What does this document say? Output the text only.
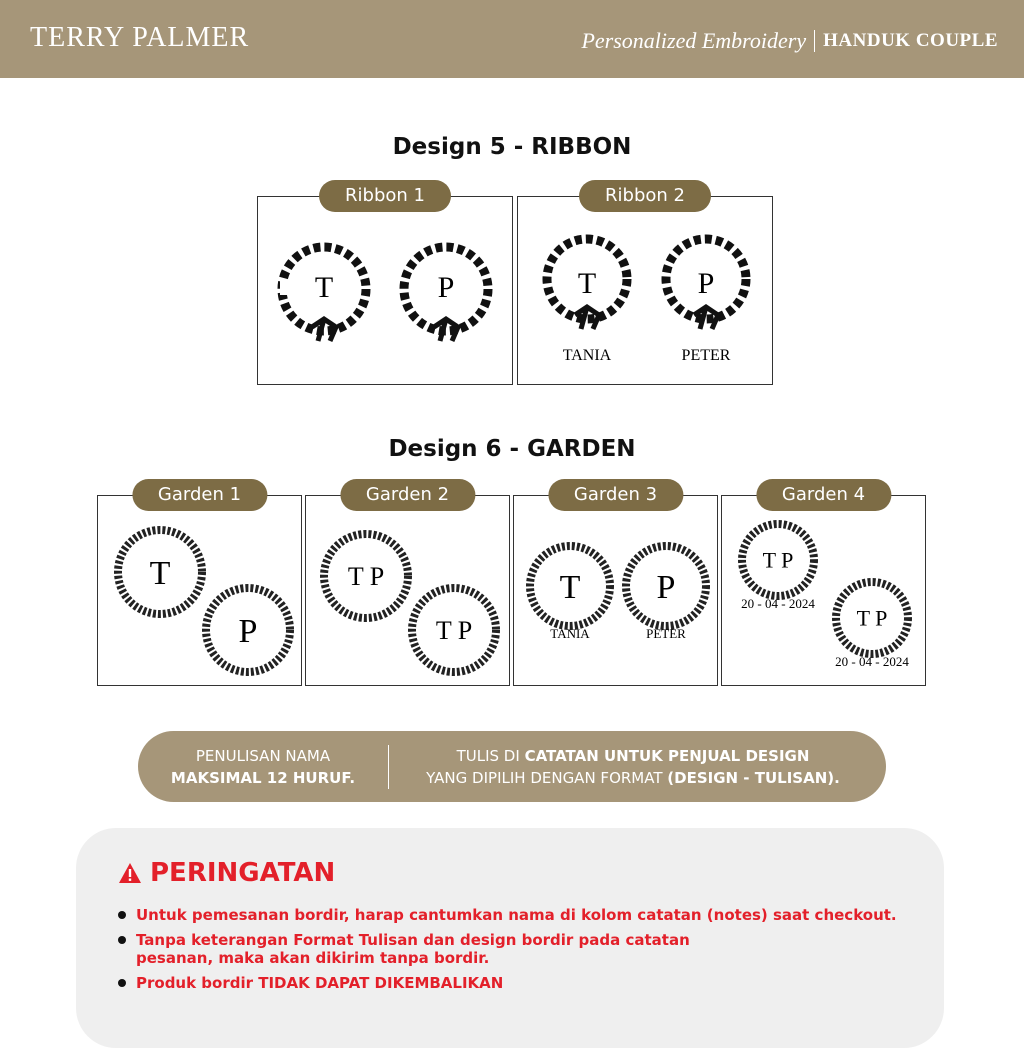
TERRY PALMER	Personalized Embroidery HANDUK COUPLE
Design 5 - RIBBON
T	P
Ribbon 1
T	P
TANIA	PETER
Ribbon 2
Design 6 - GARDEN
T
P
Garden 1
T P
T P
Garden 2
T
TANIA
P
PETER
Garden 3
T P
20 - 04 - 2024
T P
20 - 04 - 2024
Garden 4
PENULISAN NAMA
MAKSIMAL 12 HURUF.
TULIS DI CATATAN UNTUK PENJUAL DESIGN
YANG DIPILIH DENGAN FORMAT (DESIGN - TULISAN).
PERINGATAN
Untuk pemesanan bordir, harap cantumkan nama di kolom catatan (notes) saat checkout.
Tanpa keterangan Format Tulisan dan design bordir pada catatan pesanan, maka akan dikirim tanpa bordir.
Produk bordir TIDAK DAPAT DIKEMBALIKAN
